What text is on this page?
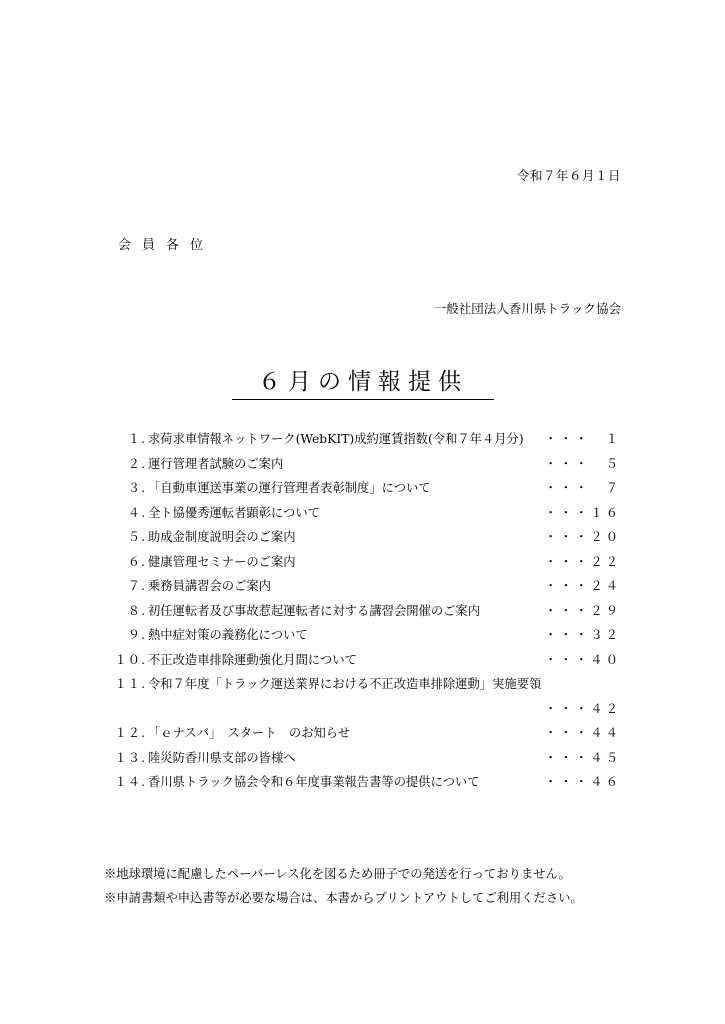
令和７年６月１日
会員各位
一般社団法人香川県トラック協会
６月の情報提供
１. 求荷求車情報ネットワーク(WebKIT)成約運賃指数(令和７年４月分) ・・・　１
２. 運行管理者試験のご案内	・・・　５
３. 「自動車運送事業の運行管理者表彰制度」について	・・・　７
４. 全ト協優秀運転者顕彰について	・・・１６
５. 助成金制度説明会のご案内	・・・２０
６. 健康管理セミナーのご案内	・・・２２
７. 乗務員講習会のご案内	・・・２４
８. 初任運転者及び事故惹起運転者に対する講習会開催のご案内	・・・２９
９. 熱中症対策の義務化について	・・・３２
１０. 不正改造車排除運動強化月間について	・・・４０
１１. 令和７年度「トラック運送業界における不正改造車排除運動」実施要領
・・・４２
１２. 「ｅナスバ」　スタート　のお知らせ	・・・４４
１３. 陸災防香川県支部の皆様へ	・・・４５
１４. 香川県トラック協会令和６年度事業報告書等の提供について	・・・４６
※地球環境に配慮したペーパーレス化を図るため冊子での発送を行っておりません。
※申請書類や申込書等が必要な場合は、本書からプリントアウトしてご利用ください。
